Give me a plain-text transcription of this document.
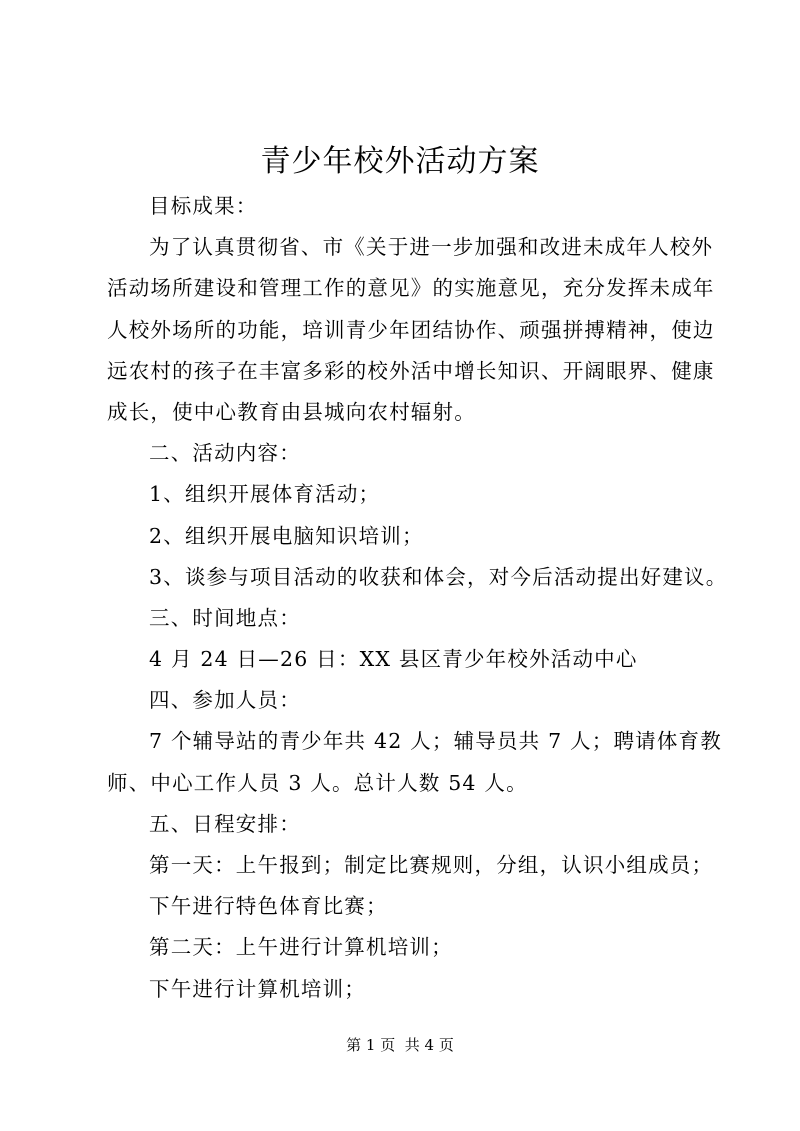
青少年校外活动方案
目标成果：
为了认真贯彻省、市《关于进一步加强和改进未成年人校外
活动场所建设和管理工作的意见》的实施意见，充分发挥未成年
人校外场所的功能，培训青少年团结协作、顽强拼搏精神，使边
远农村的孩子在丰富多彩的校外活中增长知识、开阔眼界、健康
成长，使中心教育由县城向农村辐射。
二、活动内容：
1、组织开展体育活动；
2、组织开展电脑知识培训；
3、谈参与项目活动的收获和体会，对今后活动提出好建议。
三、时间地点：
4 月 24 日—26 日：XX 县区青少年校外活动中心
四、参加人员：
7 个辅导站的青少年共 42 人；辅导员共 7 人；聘请体育教
师、中心工作人员 3 人。总计人数 54 人。
五、日程安排：
第一天：上午报到；制定比赛规则，分组，认识小组成员；
下午进行特色体育比赛；
第二天：上午进行计算机培训；
下午进行计算机培训；
第 1 页  共 4 页
